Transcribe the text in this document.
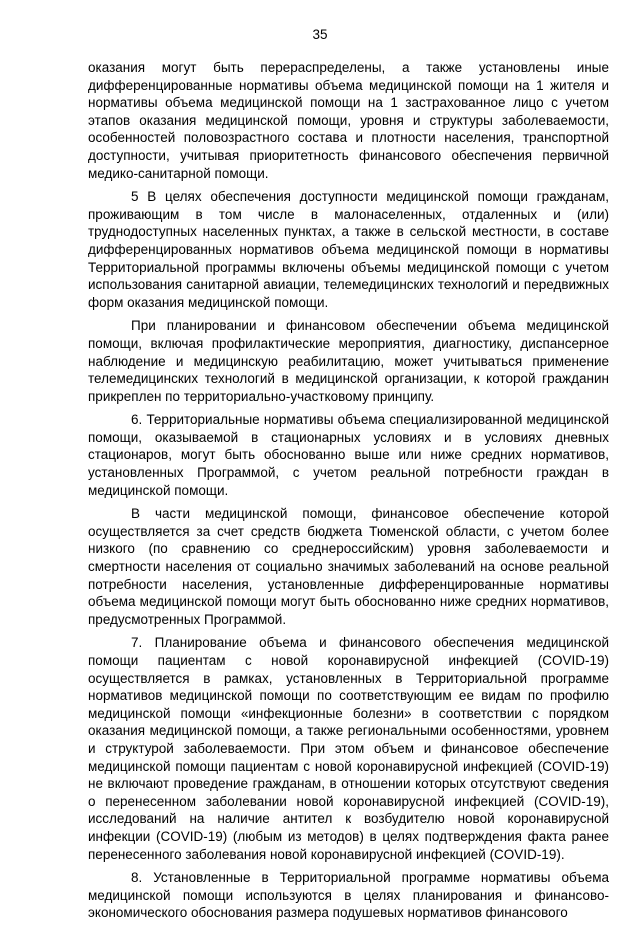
35

оказания могут быть перераспределены, а также установлены иные дифференцированные нормативы объема медицинской помощи на 1 жителя и нормативы объема медицинской помощи на 1 застрахованное лицо с учетом этапов оказания медицинской помощи, уровня и структуры заболеваемости, особенностей половозрастного состава и плотности населения, транспортной доступности, учитывая приоритетность финансового обеспечения первичной медико-санитарной помощи.

5 В целях обеспечения доступности медицинской помощи гражданам, проживающим в том числе в малонаселенных, отдаленных и (или) труднодоступных населенных пунктах, а также в сельской местности, в составе дифференцированных нормативов объема медицинской помощи в нормативы Территориальной программы включены объемы медицинской помощи с учетом использования санитарной авиации, телемедицинских технологий и передвижных форм оказания медицинской помощи.

При планировании и финансовом обеспечении объема медицинской помощи, включая профилактические мероприятия, диагностику, диспансерное наблюдение и медицинскую реабилитацию, может учитываться применение телемедицинских технологий в медицинской организации, к которой гражданин прикреплен по территориально-участковому принципу.

6. Территориальные нормативы объема специализированной медицинской помощи, оказываемой в стационарных условиях и в условиях дневных стационаров, могут быть обоснованно выше или ниже средних нормативов, установленных Программой, с учетом реальной потребности граждан в медицинской помощи.

В части медицинской помощи, финансовое обеспечение которой осуществляется за счет средств бюджета Тюменской области, с учетом более низкого (по сравнению со среднероссийским) уровня заболеваемости и смертности населения от социально значимых заболеваний на основе реальной потребности населения, установленные дифференцированные нормативы объема медицинской помощи могут быть обоснованно ниже средних нормативов, предусмотренных Программой.

7. Планирование объема и финансового обеспечения медицинской помощи пациентам с новой коронавирусной инфекцией (COVID-19) осуществляется в рамках, установленных в Территориальной программе нормативов медицинской помощи по соответствующим ее видам по профилю медицинской помощи «инфекционные болезни» в соответствии с порядком оказания медицинской помощи, а также региональными особенностями, уровнем и структурой заболеваемости. При этом объем и финансовое обеспечение медицинской помощи пациентам с новой коронавирусной инфекцией (COVID-19) не включают проведение гражданам, в отношении которых отсутствуют сведения о перенесенном заболевании новой коронавирусной инфекцией (COVID-19), исследований на наличие антител к возбудителю новой коронавирусной инфекции (COVID-19) (любым из методов) в целях подтверждения факта ранее перенесенного заболевания новой коронавирусной инфекцией (COVID-19).

8. Установленные в Территориальной программе нормативы объема медицинской помощи используются в целях планирования и финансово-экономического обоснования размера подушевых нормативов финансового
